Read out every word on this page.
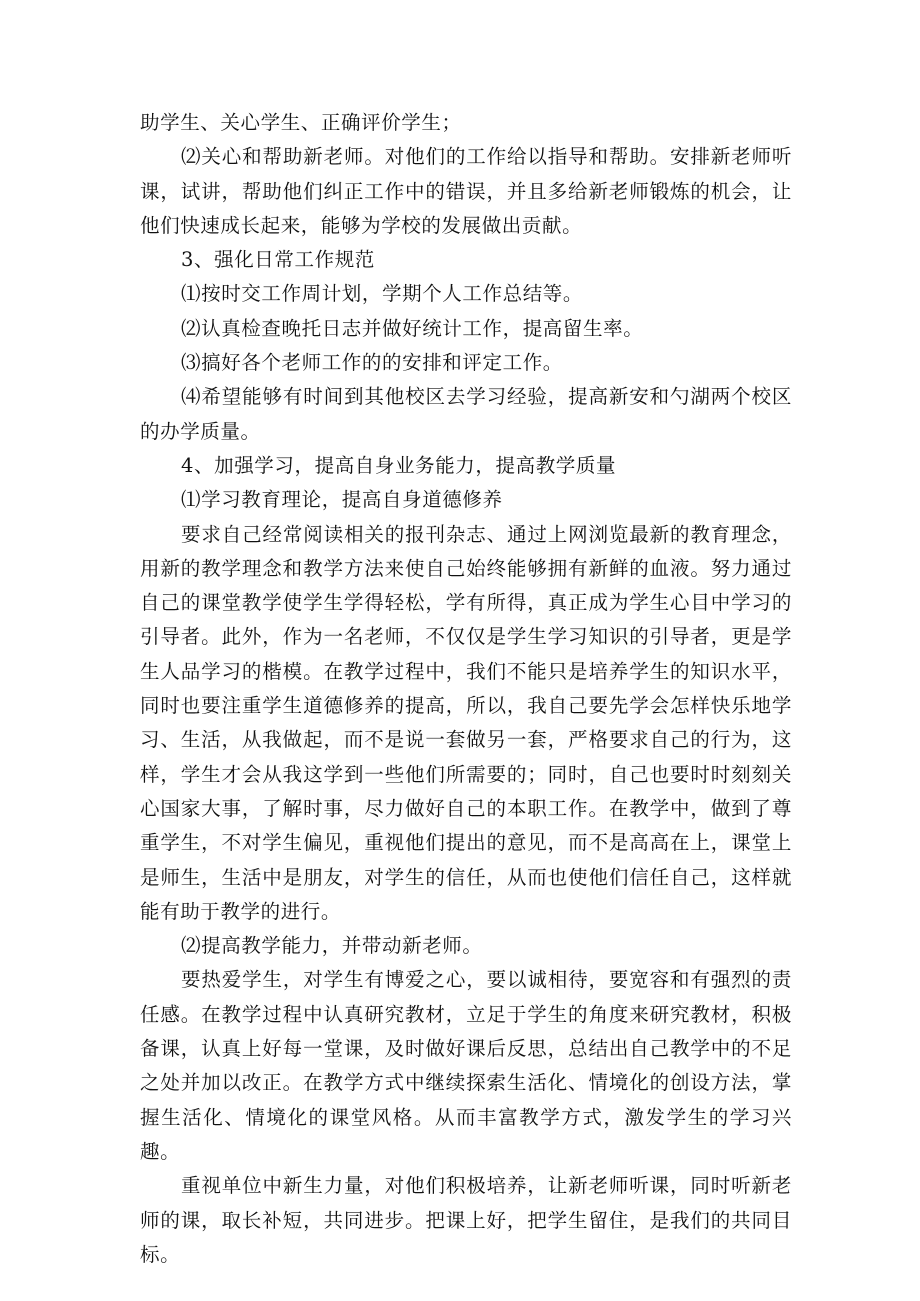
助学生、关心学生、正确评价学生；

⑵关心和帮助新老师。对他们的工作给以指导和帮助。安排新老师听课，试讲，帮助他们纠正工作中的错误，并且多给新老师锻炼的机会，让他们快速成长起来，能够为学校的发展做出贡献。

3、强化日常工作规范

⑴按时交工作周计划，学期个人工作总结等。

⑵认真检查晚托日志并做好统计工作，提高留生率。

⑶搞好各个老师工作的的安排和评定工作。

⑷希望能够有时间到其他校区去学习经验，提高新安和勺湖两个校区的办学质量。

4、加强学习，提高自身业务能力，提高教学质量

⑴学习教育理论，提高自身道德修养

要求自己经常阅读相关的报刊杂志、通过上网浏览最新的教育理念，用新的教学理念和教学方法来使自己始终能够拥有新鲜的血液。努力通过自己的课堂教学使学生学得轻松，学有所得，真正成为学生心目中学习的引导者。此外，作为一名老师，不仅仅是学生学习知识的引导者，更是学生人品学习的楷模。在教学过程中，我们不能只是培养学生的知识水平，同时也要注重学生道德修养的提高，所以，我自己要先学会怎样快乐地学习、生活，从我做起，而不是说一套做另一套，严格要求自己的行为，这样，学生才会从我这学到一些他们所需要的；同时，自己也要时时刻刻关心国家大事，了解时事，尽力做好自己的本职工作。在教学中，做到了尊重学生，不对学生偏见，重视他们提出的意见，而不是高高在上，课堂上是师生，生活中是朋友，对学生的信任，从而也使他们信任自己，这样就能有助于教学的进行。

⑵提高教学能力，并带动新老师。

要热爱学生，对学生有博爱之心，要以诚相待，要宽容和有强烈的责任感。在教学过程中认真研究教材，立足于学生的角度来研究教材，积极备课，认真上好每一堂课，及时做好课后反思，总结出自己教学中的不足之处并加以改正。在教学方式中继续探索生活化、情境化的创设方法，掌握生活化、情境化的课堂风格。从而丰富教学方式，激发学生的学习兴趣。

重视单位中新生力量，对他们积极培养，让新老师听课，同时听新老师的课，取长补短，共同进步。把课上好，把学生留住，是我们的共同目标。
